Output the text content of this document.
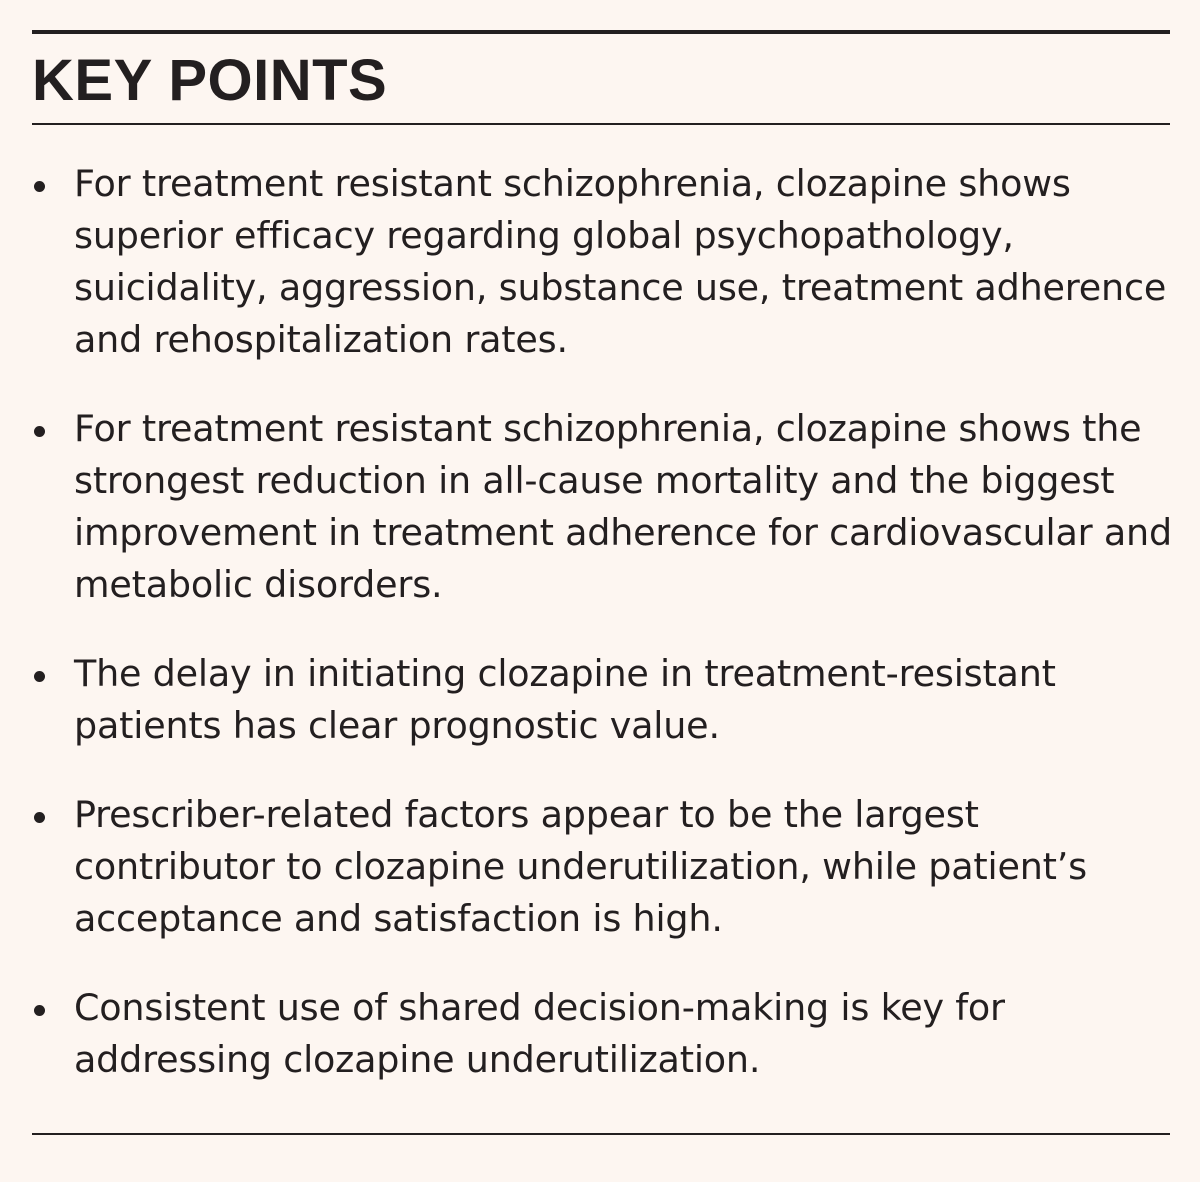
KEY POINTS
For treatment resistant schizophrenia, clozapine shows superior efficacy regarding global psychopathology, suicidality, aggression, substance use, treatment adherence and rehospitalization rates.
For treatment resistant schizophrenia, clozapine shows the strongest reduction in all-cause mortality and the biggest improvement in treatment adherence for cardiovascular and metabolic disorders.
The delay in initiating clozapine in treatment-resistant patients has clear prognostic value.
Prescriber-related factors appear to be the largest contributor to clozapine underutilization, while patient’s acceptance and satisfaction is high.
Consistent use of shared decision-making is key for addressing clozapine underutilization.
